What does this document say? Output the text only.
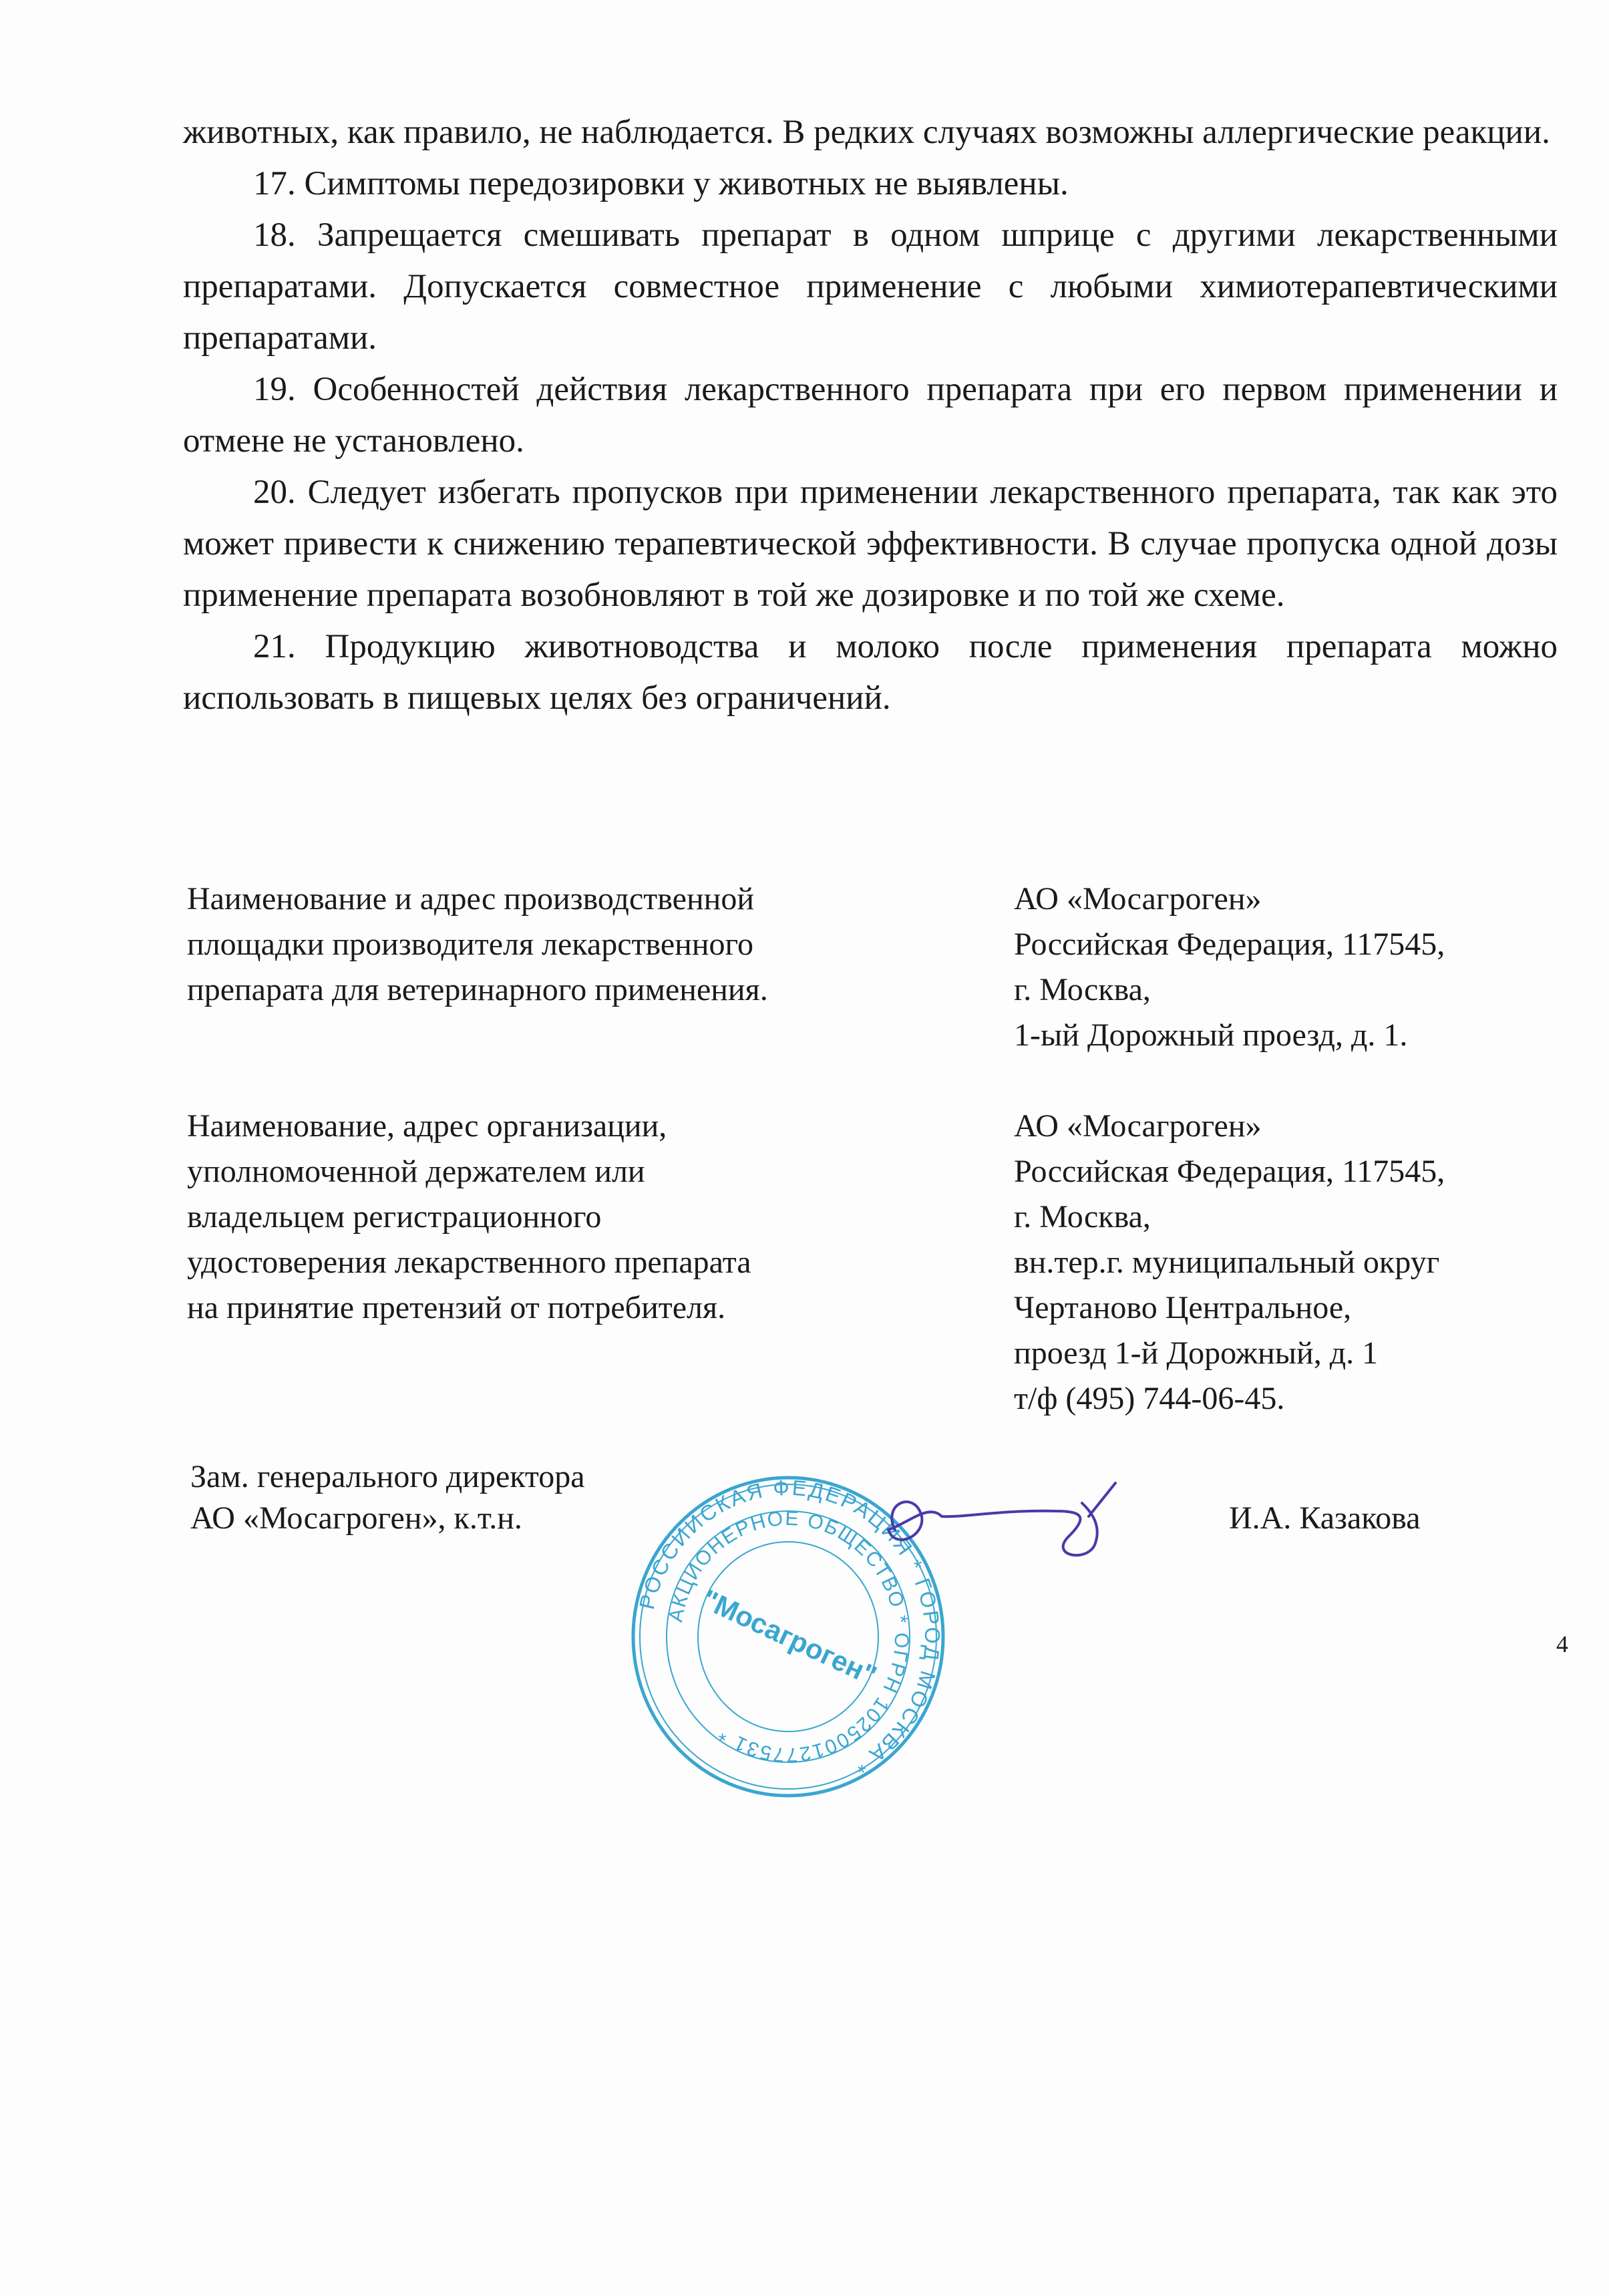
животных, как правило, не наблюдается. В редких случаях возможны аллергические реакции.

17. Симптомы передозировки у животных не выявлены.

18. Запрещается смешивать препарат в одном шприце с другими лекарственными препаратами. Допускается совместное применение с любыми химиотерапевтическими препаратами.

19. Особенностей действия лекарственного препарата при его первом применении и отмене не установлено.

20. Следует избегать пропусков при применении лекарственного препарата, так как это может привести к снижению терапевтической эффективности. В случае пропуска одной дозы применение препарата возобновляют в той же дозировке и по той же схеме.

21. Продукцию животноводства и молоко после применения препарата можно использовать в пищевых целях без ограничений.

Наименование и адрес производственной
площадки производителя лекарственного
препарата для ветеринарного применения.
АО «Мосагроген»
Российская Федерация, 117545,
г. Москва,
1-ый Дорожный проезд, д. 1.
Наименование, адрес организации,
уполномоченной держателем или
владельцем регистрационного
удостоверения лекарственного препарата
на принятие претензий от потребителя.
АО «Мосагроген»
Российская Федерация, 117545,
г. Москва,
вн.тер.г. муниципальный округ
Чертаново Центральное,
проезд 1-й Дорожный, д. 1
т/ф (495) 744-06-45.
Зам. генерального директора
АО «Мосагроген», к.т.н.	И.А. Казакова
РОССИЙСКАЯ ФЕДЕРАЦИЯ * ГОРОД МОСКВА *
АКЦИОНЕРНОЕ ОБЩЕСТВО * ОГРН 1025001277531 *
"Мосагроген"	4
